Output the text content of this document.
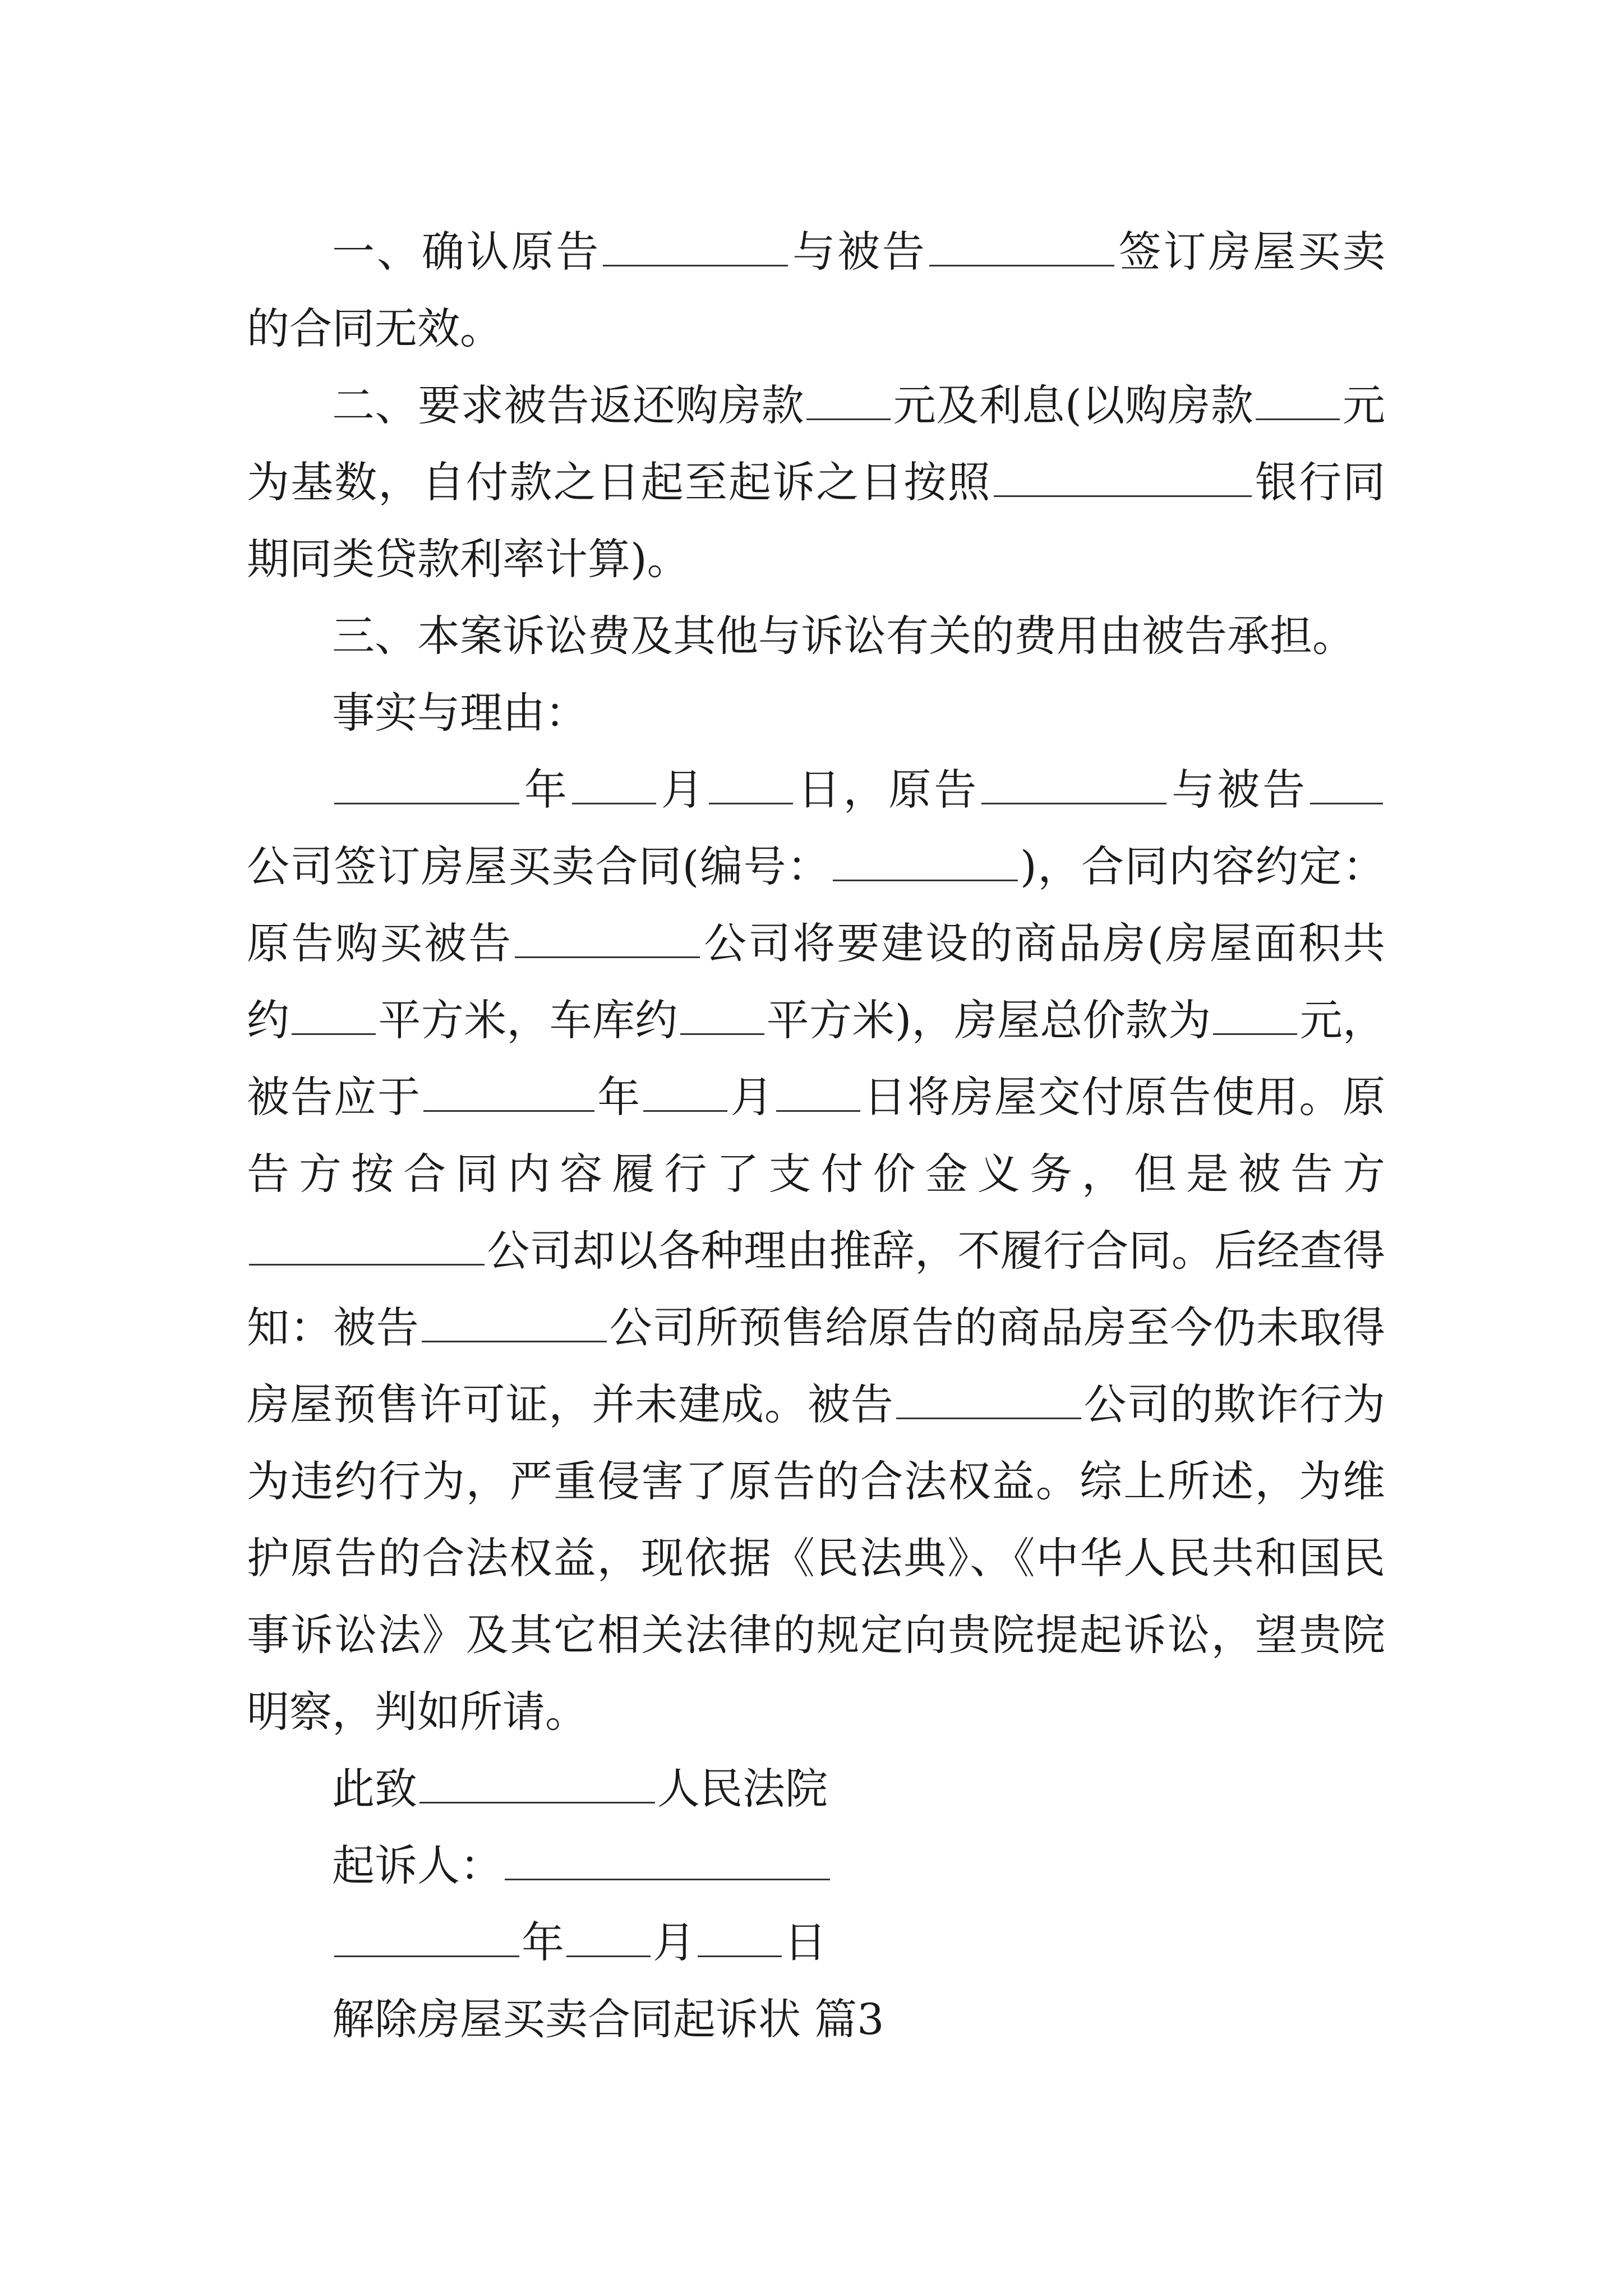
一、确认原告	与被告	签订房屋买卖的合同无效。

二、要求被告返还购房款 元及利息(以购房款 元为基数，自付款之日起至起诉之日按照	银行同期同类贷款利率计算)。

三、本案诉讼费及其他与诉讼有关的费用由被告承担。

事实与理由：

年 月 日，原告	与被告公司签订房屋买卖合同(编号：	)，合同内容约定：原告购买被告	公司将要建设的商品房(房屋面积共约 平方米，车库约 平方米)，房屋总价款为 元，被告应于	年 月 日将房屋交付原告使用。原告方按合同内容履行了支付价金义务，但是被告方公司却以各种理由推辞，不履行合同。后经查得知：被告	公司所预售给原告的商品房至今仍未取得房屋预售许可证，并未建成。被告	公司的欺诈行为为违约行为，严重侵害了原告的合法权益。综上所述，为维护原告的合法权益，现依据《民法典》、《中华人民共和国民事诉讼法》及其它相关法律的规定向贵院提起诉讼，望贵院明察，判如所请。

此致	人民法院

起诉人：

年 月 日

解除房屋买卖合同起诉状 篇3
